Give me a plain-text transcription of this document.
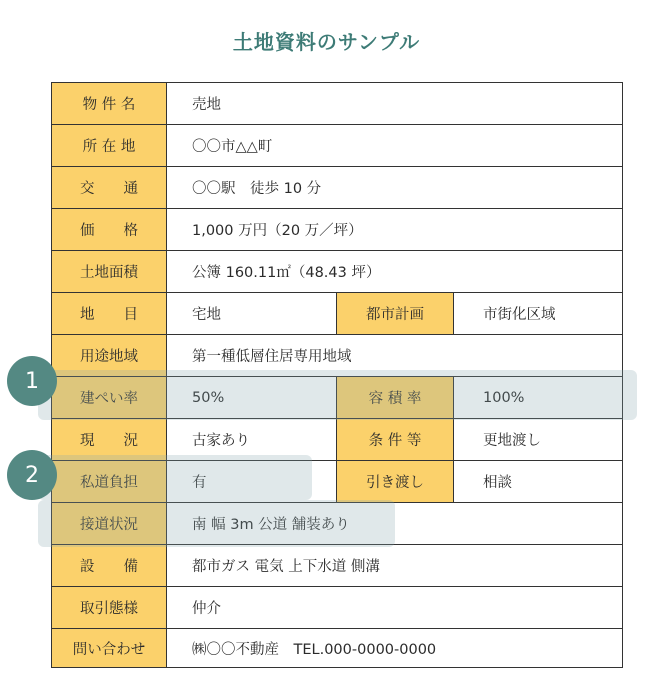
土地資料のサンプル
物 件 名	売地
所 在 地	〇〇市△△町
交　　通	〇〇駅　徒歩 10 分
価　　格	1,000 万円（20 万／坪）
土地面積	公簿 160.11㎡（48.43 坪）
地　　目	宅地	都市計画	市街化区域
用途地域	第一種低層住居専用地域
建ぺい率	50%	容 積 率	100%
現　　況	古家あり	条 件 等	更地渡し
私道負担	有	引き渡し	相談
接道状況	南 幅 3m 公道 舗装あり
設　　備	都市ガス 電気 上下水道 側溝
取引態様	仲介
問い合わせ	㈱〇〇不動産　TEL.000-0000-0000
1
2
